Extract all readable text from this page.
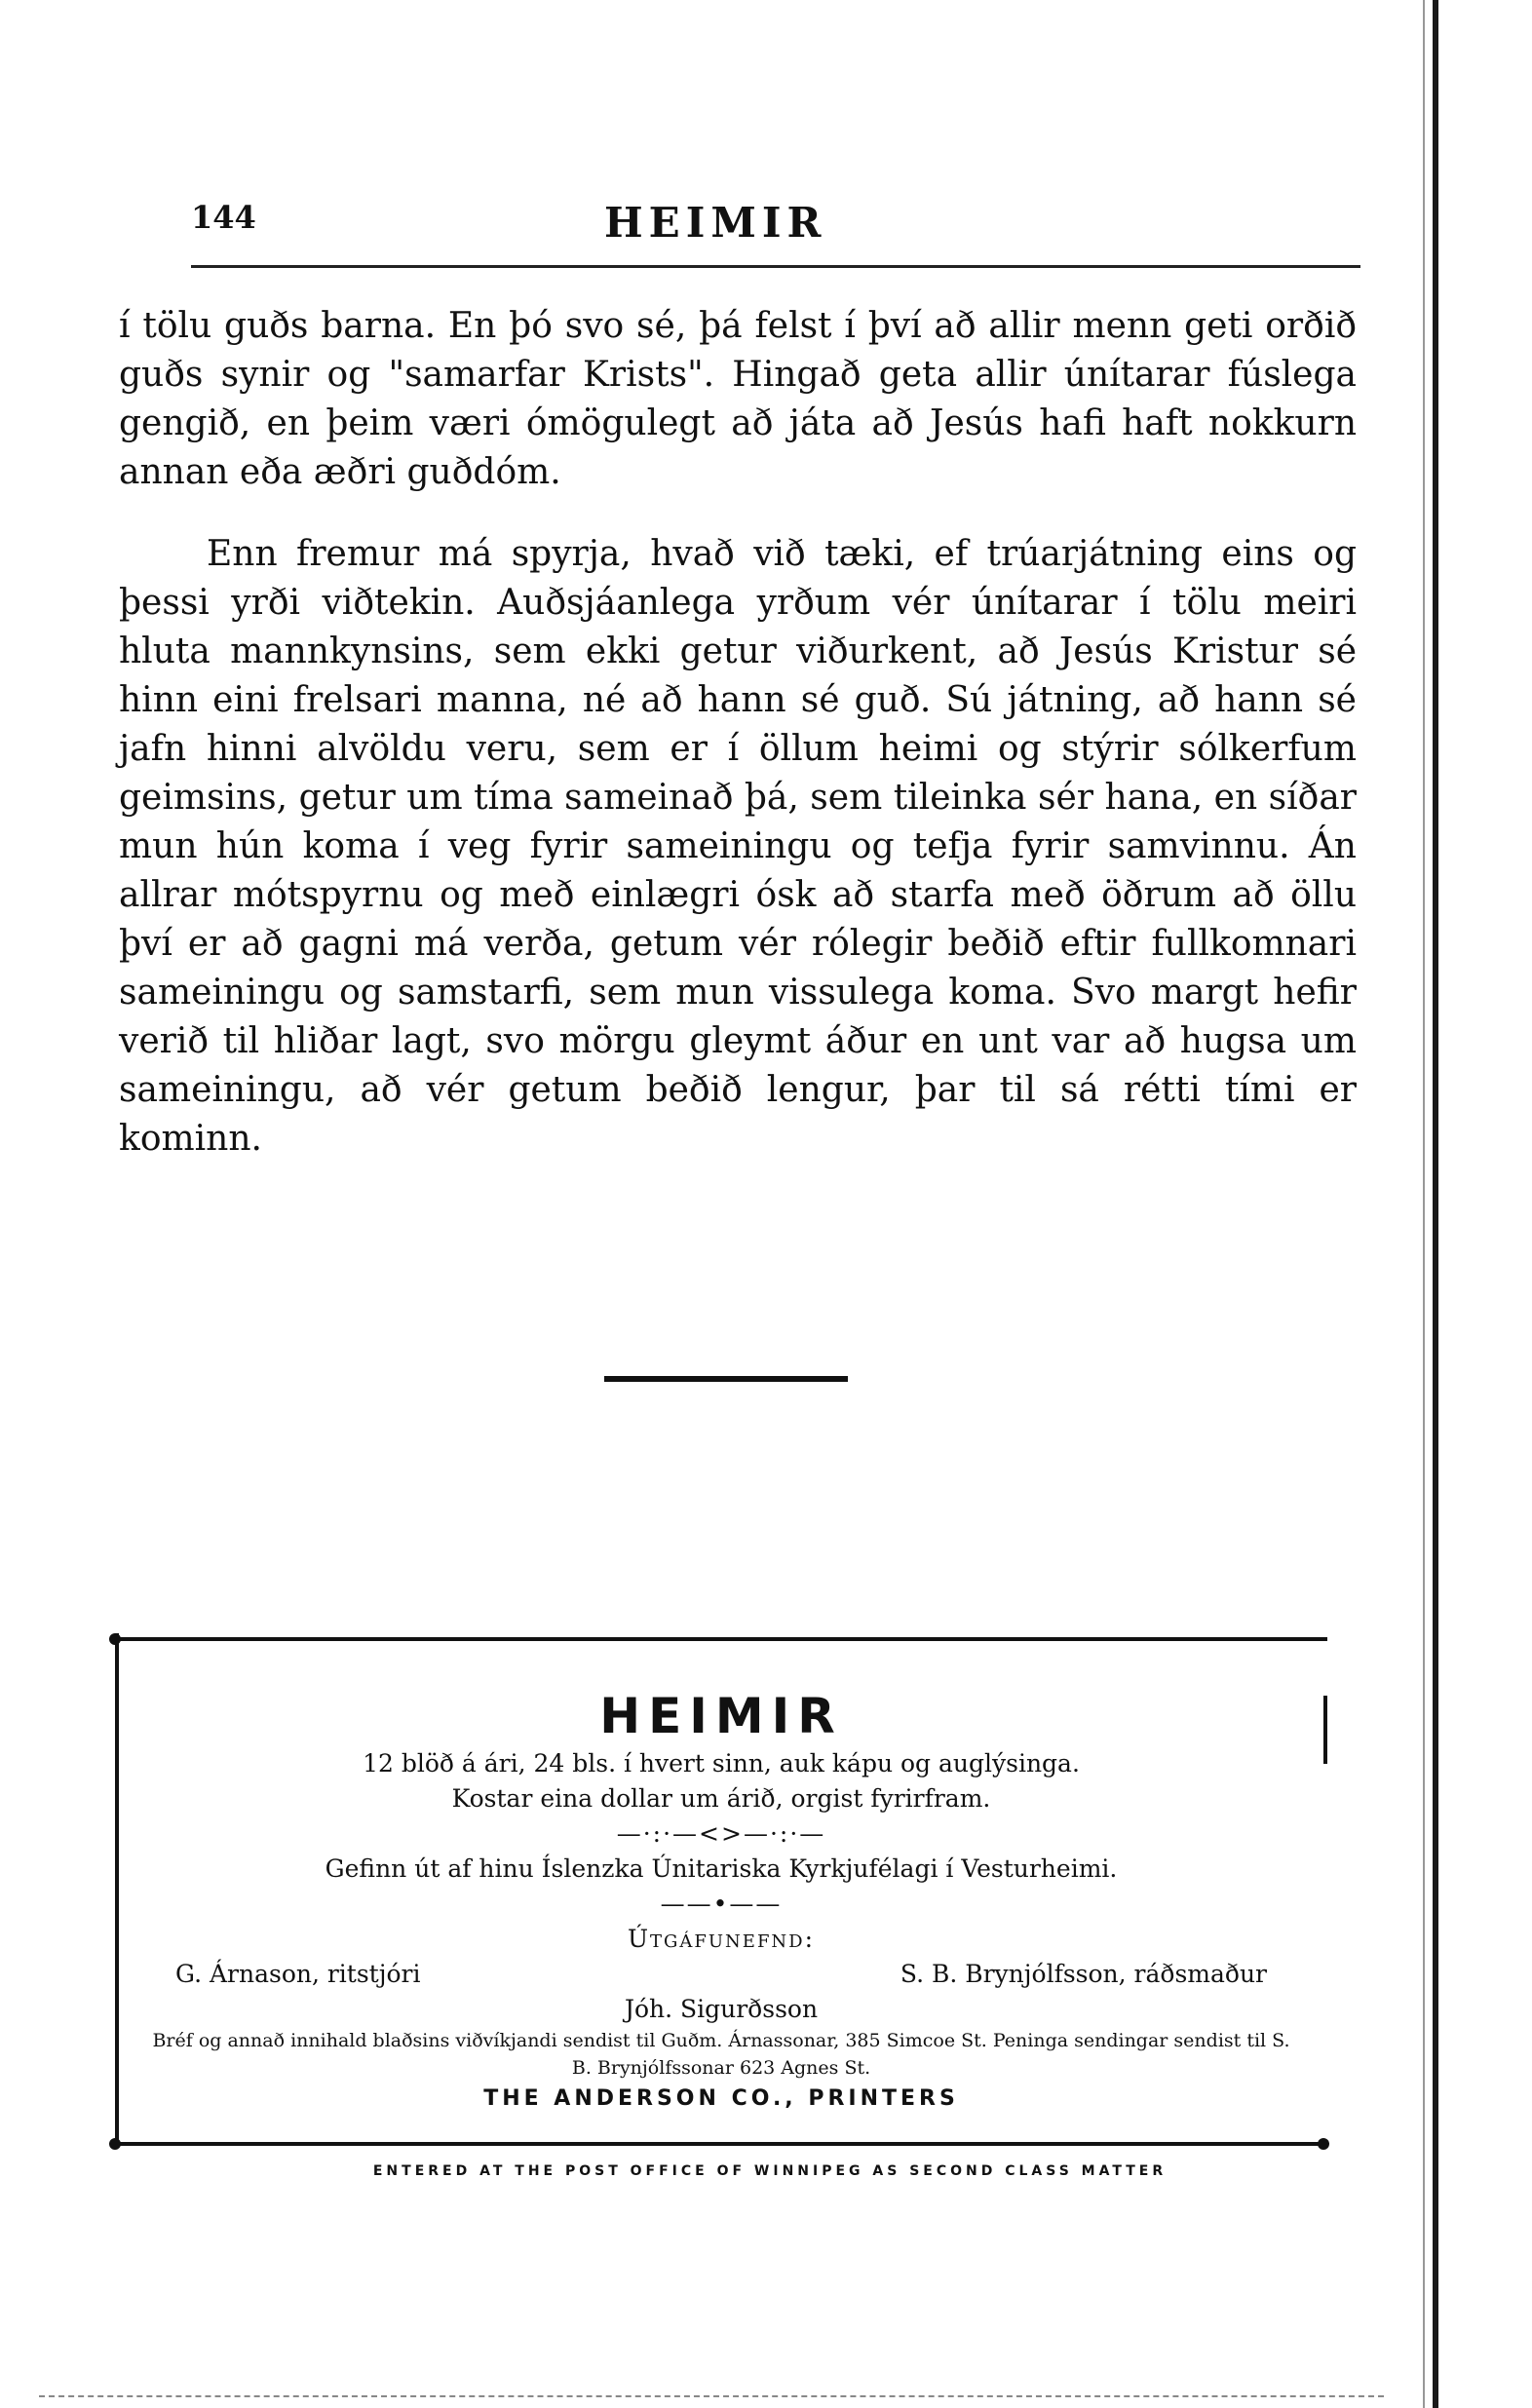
144	HEIMIR

í tölu guðs barna. En þó svo sé, þá felst í því að allir menn geti orðið guðs synir og "samarfar Krists". Hingað geta allir únítarar fúslega gengið, en þeim væri ómögulegt að játa að Jesús hafi haft nokkurn annan eða æðri guðdóm.

Enn fremur má spyrja, hvað við tæki, ef trúarjátning eins og þessi yrði viðtekin. Auðsjáanlega yrðum vér únítarar í tölu meiri hluta mannkynsins, sem ekki getur viðurkent, að Jesús Kristur sé hinn eini frelsari manna, né að hann sé guð. Sú játning, að hann sé jafn hinni alvöldu veru, sem er í öllum heimi og stýrir sólkerfum geimsins, getur um tíma sameinað þá, sem tileinka sér hana, en síðar mun hún koma í veg fyrir sameiningu og tefja fyrir samvinnu. Án allrar mótspyrnu og með einlægri ósk að starfa með öðrum að öllu því er að gagni má verða, getum vér rólegir beðið eftir fullkomnari sameiningu og samstarfi, sem mun vissulega koma. Svo margt hefir verið til hliðar lagt, svo mörgu gleymt áður en unt var að hugsa um sameiningu, að vér getum beðið lengur, þar til sá rétti tími er kominn.

HEIMIR
12 blöð á ári, 24 bls. í hvert sinn, auk kápu og auglýsinga.
Kostar eina dollar um árið, orgist fyrirfram.
—·:·—<>—·:·—
Gefinn út af hinu Íslenzka Únitariska Kyrkjufélagi í Vesturheimi.
——•——
Útgáfunefnd:
G. Árnason, ritstjóri	S. B. Brynjólfsson, ráðsmaður
Jóh. Sigurðsson
Bréf og annað innihald blaðsins viðvíkjandi sendist til Guðm. Árnassonar, 385 Simcoe St. Peninga sendingar sendist til S. B. Brynjólfssonar 623 Agnes St.
THE ANDERSON CO., PRINTERS
ENTERED AT THE POST OFFICE OF WINNIPEG AS SECOND CLASS MATTER
